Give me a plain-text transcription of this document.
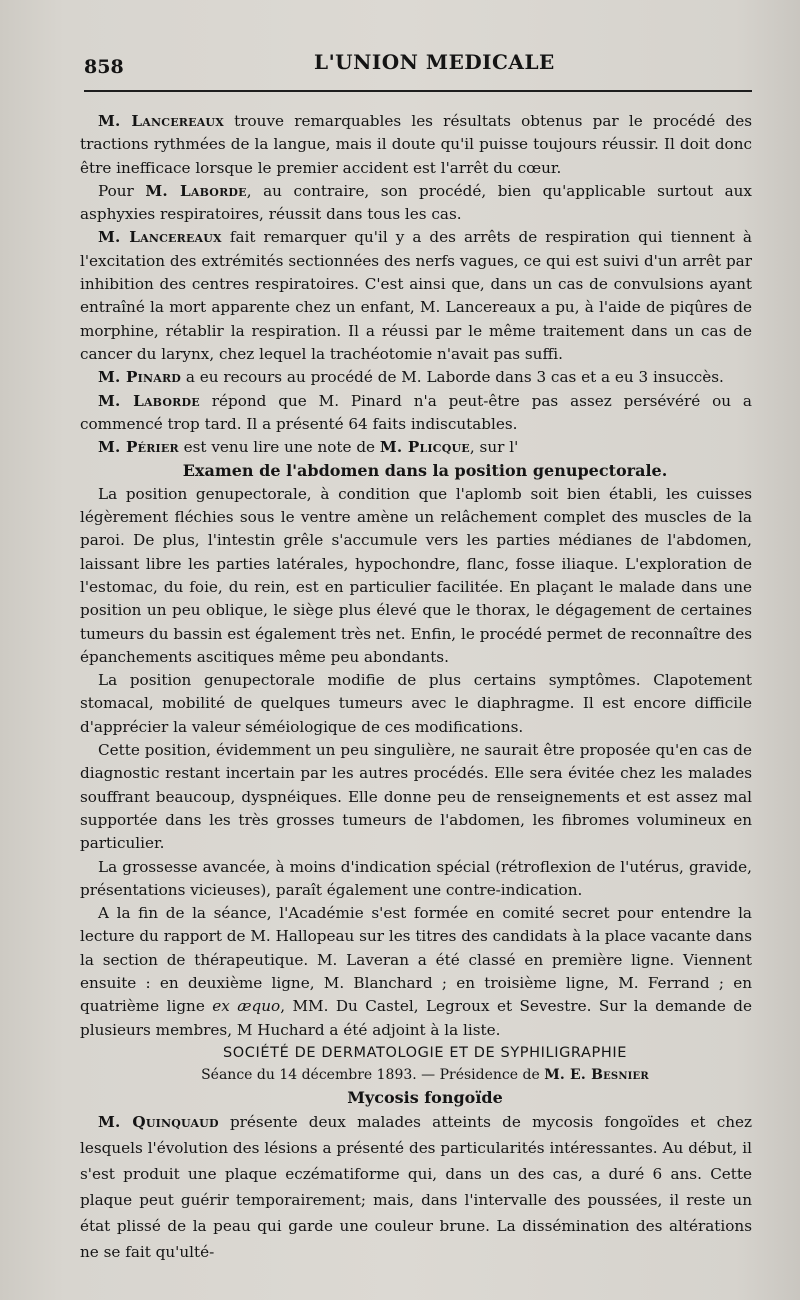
858	L'UNION MEDICALE

M. Lancereaux trouve remarquables les résultats obtenus par le procédé des tractions rythmées de la langue, mais il doute qu'il puisse toujours réussir. Il doit donc être inefficace lorsque le premier accident est l'arrêt du cœur.

Pour M. Laborde, au contraire, son procédé, bien qu'applicable surtout aux asphyxies respiratoires, réussit dans tous les cas.

M. Lancereaux fait remarquer qu'il y a des arrêts de respiration qui tiennent à l'excitation des extrémités sectionnées des nerfs vagues, ce qui est suivi d'un arrêt par inhibition des centres respiratoires. C'est ainsi que, dans un cas de convulsions ayant entraîné la mort apparente chez un enfant, M. Lancereaux a pu, à l'aide de piqûres de morphine, rétablir la respiration. Il a réussi par le même traitement dans un cas de cancer du larynx, chez lequel la trachéotomie n'avait pas suffi.

M. Pinard a eu recours au procédé de M. Laborde dans 3 cas et a eu 3 insuccès.

M. Laborde répond que M. Pinard n'a peut-être pas assez persévéré ou a commencé trop tard. Il a présenté 64 faits indiscutables.

M. Périer est venu lire une note de M. Plicque, sur l'

Examen de l'abdomen dans la position genupectorale.

La position genupectorale, à condition que l'aplomb soit bien établi, les cuisses légèrement fléchies sous le ventre amène un relâchement complet des muscles de la paroi. De plus, l'intestin grêle s'accumule vers les parties médianes de l'abdomen, laissant libre les parties latérales, hypochondre, flanc, fosse iliaque. L'exploration de l'estomac, du foie, du rein, est en particulier facilitée. En plaçant le malade dans une position un peu oblique, le siège plus élevé que le thorax, le dégagement de certaines tumeurs du bassin est également très net. Enfin, le procédé permet de reconnaître des épanchements ascitiques même peu abondants.

La position genupectorale modifie de plus certains symptômes. Clapotement stomacal, mobilité de quelques tumeurs avec le diaphragme. Il est encore difficile d'apprécier la valeur séméiologique de ces modifications.

Cette position, évidemment un peu singulière, ne saurait être proposée qu'en cas de diagnostic restant incertain par les autres procédés. Elle sera évitée chez les malades souffrant beaucoup, dyspnéiques. Elle donne peu de renseignements et est assez mal supportée dans les très grosses tumeurs de l'abdomen, les fibromes volumineux en particulier.

La grossesse avancée, à moins d'indication spécial (rétroflexion de l'utérus, gravide, présentations vicieuses), paraît également une contre-indication.

A la fin de la séance, l'Académie s'est formée en comité secret pour entendre la lecture du rapport de M. Hallopeau sur les titres des candidats à la place vacante dans la section de thérapeutique. M. Laveran a été classé en première ligne. Viennent ensuite : en deuxième ligne, M. Blanchard ; en troisième ligne, M. Ferrand ; en quatrième ligne ex æquo, MM. Du Castel, Legroux et Sevestre. Sur la demande de plusieurs membres, M Huchard a été adjoint à la liste.

SOCIÉTÉ DE DERMATOLOGIE ET DE SYPHILIGRAPHIE

Séance du 14 décembre 1893. — Présidence de M. E. Besnier

Mycosis fongoïde

M. Quinquaud présente deux malades atteints de mycosis fongoïdes et chez lesquels l'évolution des lésions a présenté des particularités intéressantes. Au début, il s'est produit une plaque eczématiforme qui, dans un des cas, a duré 6 ans. Cette plaque peut guérir temporairement; mais, dans l'intervalle des poussées, il reste un état plissé de la peau qui garde une couleur brune. La dissémination des altérations ne se fait qu'ulté-
